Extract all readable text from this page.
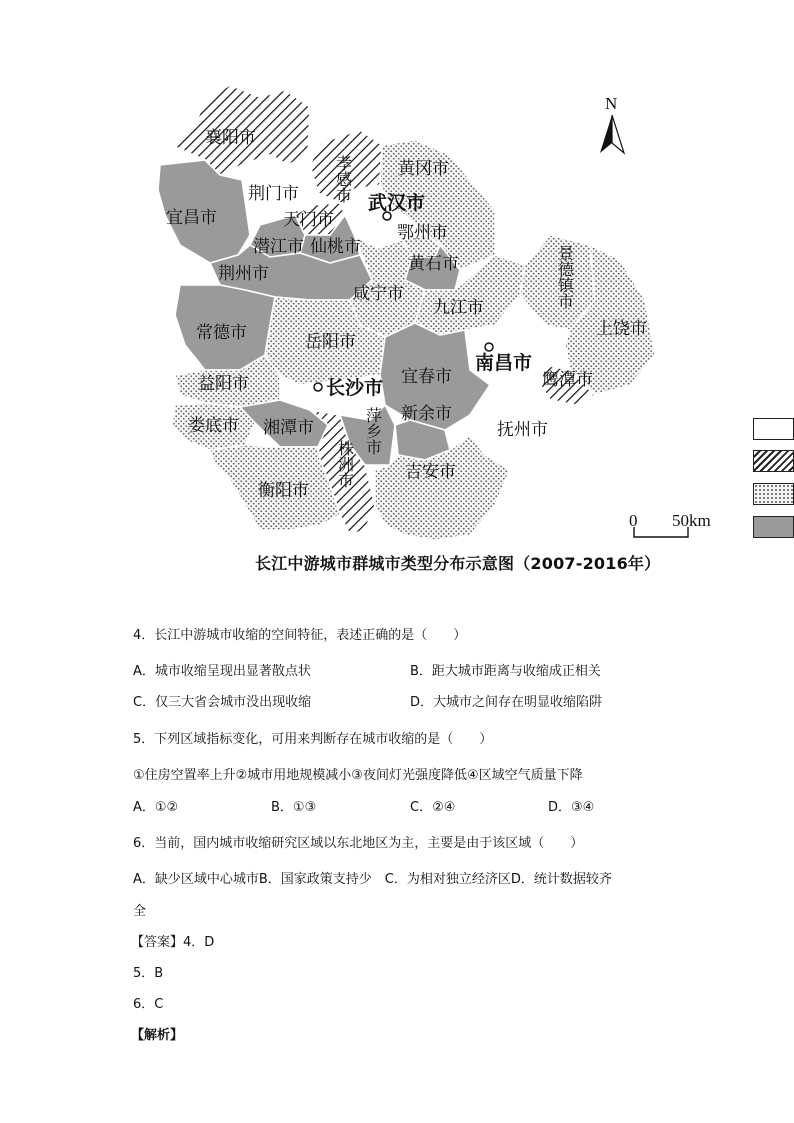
N
0 50km
襄阳市
孝感市	黄冈市
荆门市
宜昌市
武汉市
天门市
鄂州市
潜江市 仙桃市
黄石市
荆州市	景德镇市
咸宁市
九江市
上饶市
常德市	岳阳市
南昌市
益阳市	长沙市 宜春市	鹰潭市
娄底市 湘潭市	萍乡市 新余市
抚州市
株洲市
衡阳市
吉安市
长江中游城市群城市类型分布示意图（2007-2016年）
4．长江中游城市收缩的空间特征，表述正确的是（　　）
A．城市收缩呈现出显著散点状	B．距大城市距离与收缩成正相关
C．仅三大省会城市没出现收缩	D．大城市之间存在明显收缩陷阱
5．下列区域指标变化，可用来判断存在城市收缩的是（　　）
①住房空置率上升②城市用地规模减小③夜间灯光强度降低④区域空气质量下降
A．①②	B．①③	C．②④	D．③④
6．当前，国内城市收缩研究区域以东北地区为主，主要是由于该区域（　　）
A．缺少区域中心城市B．国家政策支持少　C．为相对独立经济区D．统计数据较齐
全
【答案】4．D
5．B
6．C
【解析】
